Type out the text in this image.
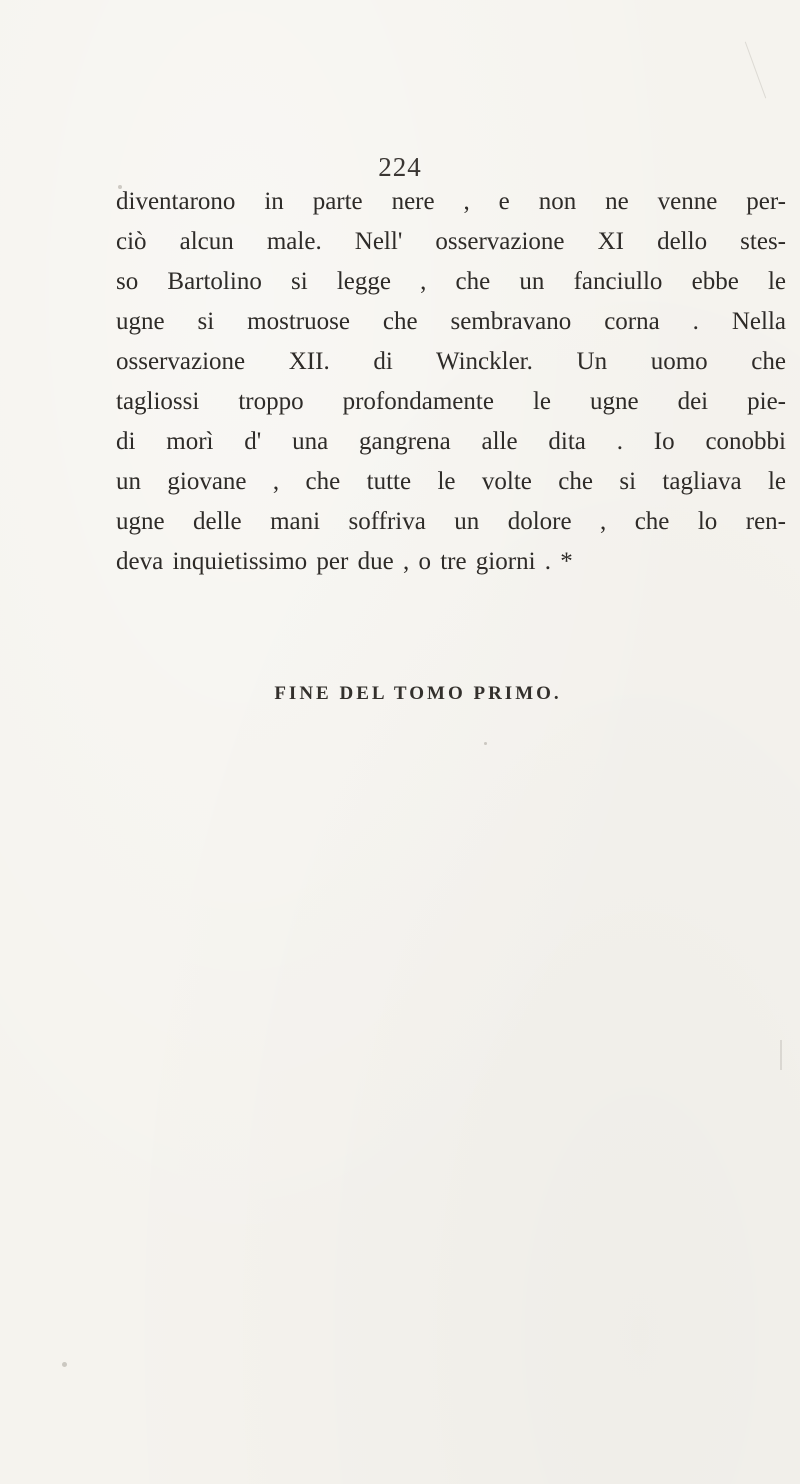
224
diventarono in parte nere , e non ne venne per-
ciò alcun male. Nell' osservazione XI dello stes-
so Bartolino si legge , che un fanciullo ebbe le
ugne si mostruose che sembravano corna . Nella
osservazione XII. di Winckler. Un uomo che
tagliossi troppo profondamente le ugne dei pie-
di morì d' una gangrena alle dita . Io conobbi
un giovane , che tutte le volte che si tagliava le
ugne delle mani soffriva un dolore , che lo ren-
deva inquietissimo per due , o tre giorni . *
FINE DEL TOMO PRIMO.
